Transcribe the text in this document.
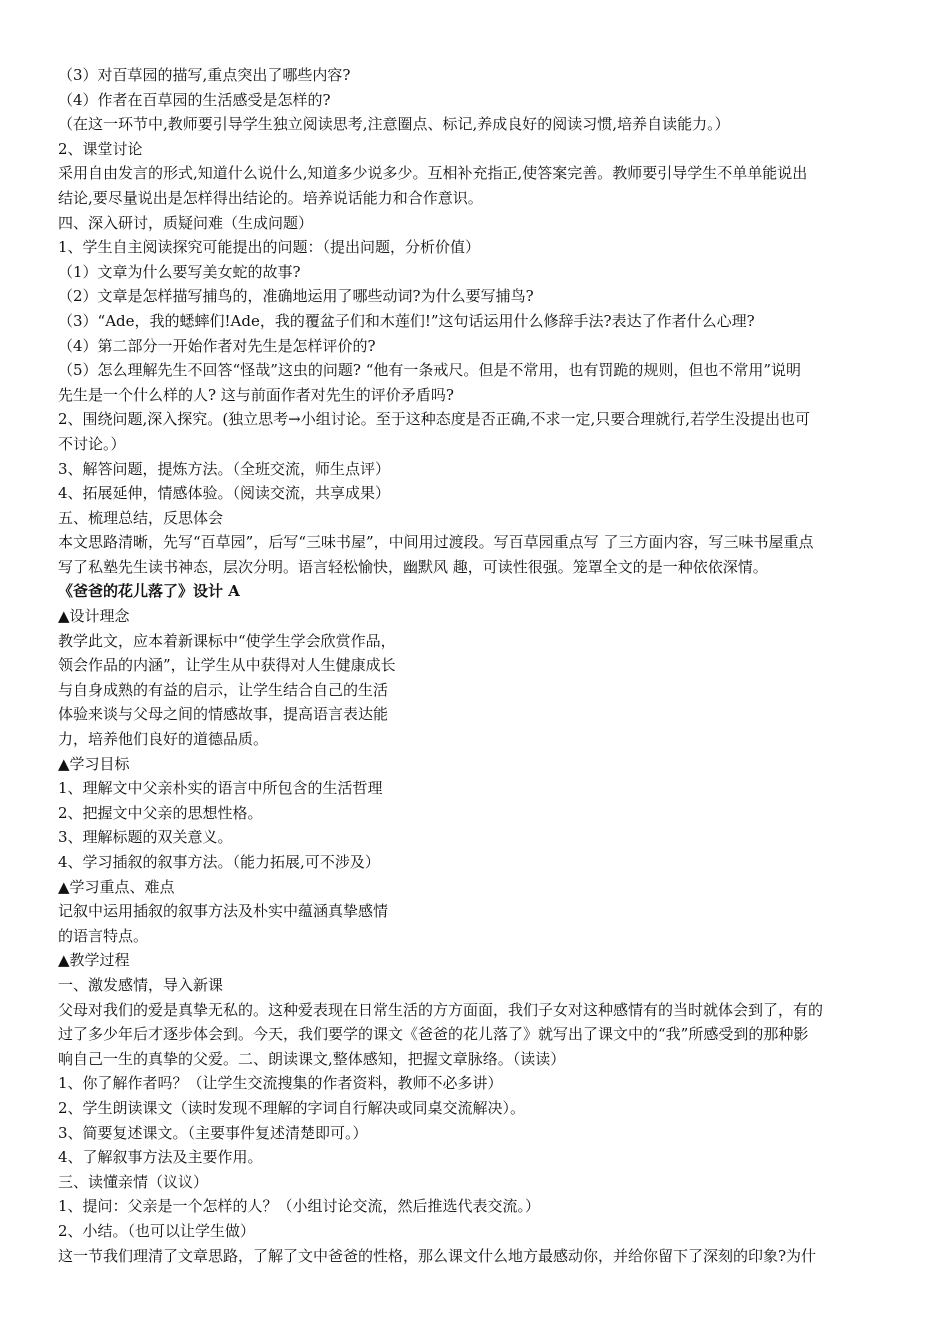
（3）对百草园的描写,重点突出了哪些内容?
（4）作者在百草园的生活感受是怎样的?
（在这一环节中,教师要引导学生独立阅读思考,注意圈点、标记,养成良好的阅读习惯,培养自读能力。）
2、课堂讨论
采用自由发言的形式,知道什么说什么,知道多少说多少。互相补充指正,使答案完善。教师要引导学生不单单能说出
结论,要尽量说出是怎样得出结论的。培养说话能力和合作意识。
四、深入研讨，质疑问难（生成问题）
1、学生自主阅读探究可能提出的问题：（提出问题，分析价值）
（1）文章为什么要写美女蛇的故事?
（2）文章是怎样描写捕鸟的，准确地运用了哪些动词?为什么要写捕鸟?
（3）“Ade，我的蟋蟀们!Ade，我的覆盆子们和木莲们!”这句话运用什么修辞手法?表达了作者什么心理?
（4）第二部分一开始作者对先生是怎样评价的?
（5）怎么理解先生不回答“怪哉”这虫的问题? “他有一条戒尺。但是不常用，也有罚跪的规则，但也不常用”说明
先生是一个什么样的人? 这与前面作者对先生的评价矛盾吗?
2、围绕问题,深入探究。(独立思考→小组讨论。至于这种态度是否正确,不求一定,只要合理就行,若学生没提出也可
不讨论。）
3、解答问题，提炼方法。（全班交流，师生点评）
4、拓展延伸，情感体验。（阅读交流，共享成果）
五、梳理总结，反思体会
本文思路清晰，先写“百草园”，后写“三味书屋”，中间用过渡段。写百草园重点写 了三方面内容，写三味书屋重点
写了私塾先生读书神态，层次分明。语言轻松愉快，幽默风 趣，可读性很强。笼罩全文的是一种依依深情。
《爸爸的花儿落了》设计 A
▲设计理念
教学此文，应本着新课标中“使学生学会欣赏作品，
领会作品的内涵”，让学生从中获得对人生健康成长
与自身成熟的有益的启示，让学生结合自己的生活
体验来谈与父母之间的情感故事，提高语言表达能
力，培养他们良好的道德品质。
▲学习目标
1、理解文中父亲朴实的语言中所包含的生活哲理
2、把握文中父亲的思想性格。
3、理解标题的双关意义。
4、学习插叙的叙事方法。（能力拓展,可不涉及）
▲学习重点、难点
记叙中运用插叙的叙事方法及朴实中蕴涵真挚感情
的语言特点。
▲教学过程
一、激发感情，导入新课
父母对我们的爱是真挚无私的。这种爱表现在日常生活的方方面面，我们子女对这种感情有的当时就体会到了，有的
过了多少年后才逐步体会到。今天，我们要学的课文《爸爸的花儿落了》就写出了课文中的“我”所感受到的那种影
响自己一生的真挚的父爱。二、朗读课文,整体感知，把握文章脉络。（读读）
1、你了解作者吗？（让学生交流搜集的作者资料，教师不必多讲）
2、学生朗读课文（读时发现不理解的字词自行解决或同桌交流解决）。
3、简要复述课文。（主要事件复述清楚即可。）
4、了解叙事方法及主要作用。
三、读懂亲情（议议）
1、提问：父亲是一个怎样的人？（小组讨论交流，然后推选代表交流。）
2、小结。（也可以让学生做）
这一节我们理清了文章思路，了解了文中爸爸的性格，那么课文什么地方最感动你，并给你留下了深刻的印象?为什
